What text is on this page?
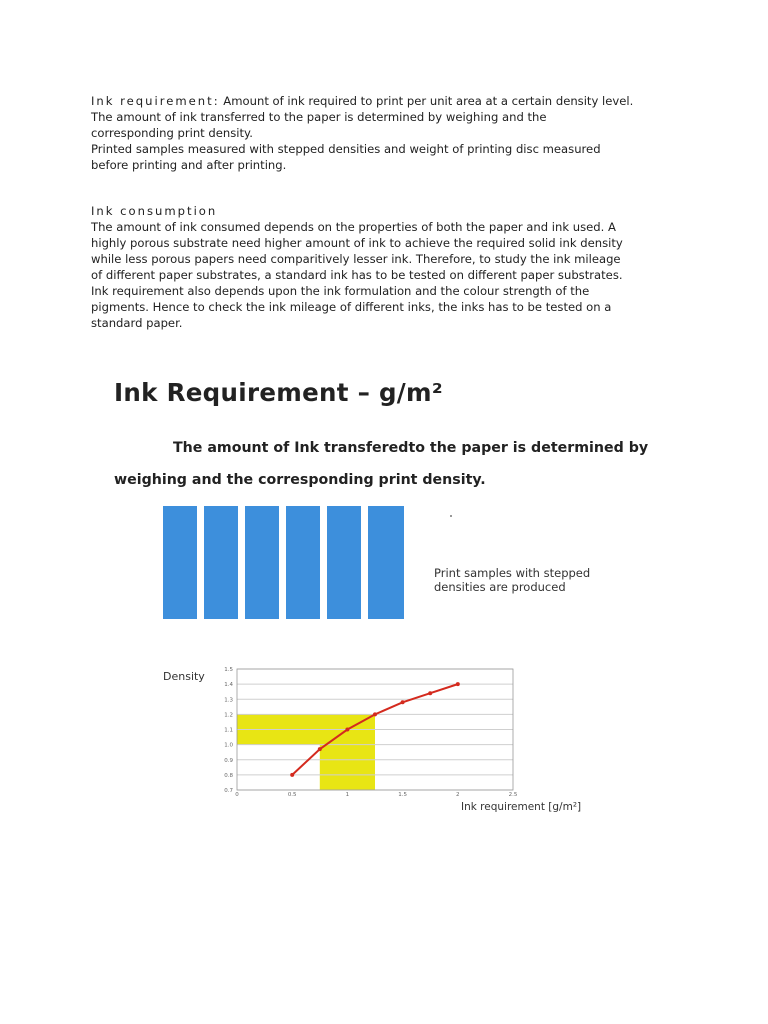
Ink requirement: Amount of ink required to print per unit area at a certain density level.

The amount of ink transferred to the paper is determined by weighing and the

corresponding print density.

Printed samples measured with stepped densities and weight of printing disc measured

before printing and after printing.

Ink consumption

The amount of ink consumed depends on the properties of both the paper and ink used. A

highly porous substrate need higher amount of ink to achieve the required solid ink density

while less porous papers need comparitively lesser ink. Therefore, to study the ink mileage

of different paper substrates, a standard ink has to be tested on different paper substrates.

Ink requirement also depends upon the ink formulation and the colour strength of the

pigments. Hence to check the ink mileage of different inks, the inks has to be tested on a

standard paper.

Ink Requirement – g/m²

The amount of Ink transferedto the paper is determined by

weighing and the corresponding print density.

Print samples with stepped
densities are produced

Density

Ink requirement [g/m²]

0.7
0.8
0.9
1.0
1.1
1.2
1.3
1.4
1.5
0	0.5	1	1.5	2	2.5
